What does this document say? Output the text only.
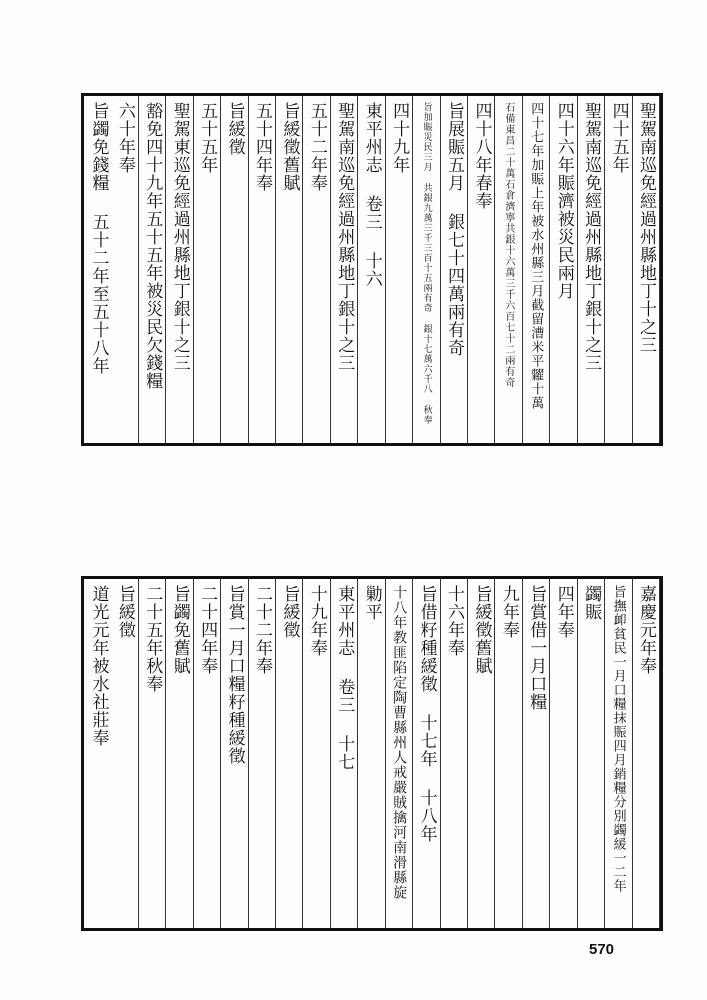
聖駕南巡免經過州縣地丁十之三
四十五年
聖駕南巡免經過州縣地丁銀十之三
四十六年賑濟被災民兩月
四十七年加賑上年被水州縣三月截留漕米平糶十萬
石備東昌二十萬石倉濟寧共銀十六萬三千六百七十二兩有奇
四十八年春奉
旨展賑五月 銀七十四萬兩有奇
旨加賑災民三月 共銀九萬三千三百十五兩有奇 銀十七萬六千八 秋奉
四十九年
東平州志 卷三 十六
聖駕南巡免經過州縣地丁銀十之三
五十二年奉
旨緩徵舊賦
五十四年奉
旨緩徵
五十五年
聖駕東巡免經過州縣地丁銀十之三
豁免四十九年五十五年被災民欠錢糧
六十年奉
旨蠲免錢糧 五十二年至五十八年
嘉慶元年奉
旨撫卹貧民一月口糧抹賑四月銷糧分別蠲緩一二年
蠲賑
四年奉
旨賞借一月口糧
九年奉
旨緩徵舊賦
十六年奉
旨借籽種緩徵 十七年 十八年
十八年教匪陷定陶曹縣州人戒嚴賊擒河南滑縣旋
勦平
東平州志 卷三 十七
十九年奉
旨緩徵
二十二年奉
旨賞一月口糧籽種緩徵
二十四年奉
旨蠲免舊賦
二十五年秋奉
旨緩徵
道光元年被水社莊奉
570
